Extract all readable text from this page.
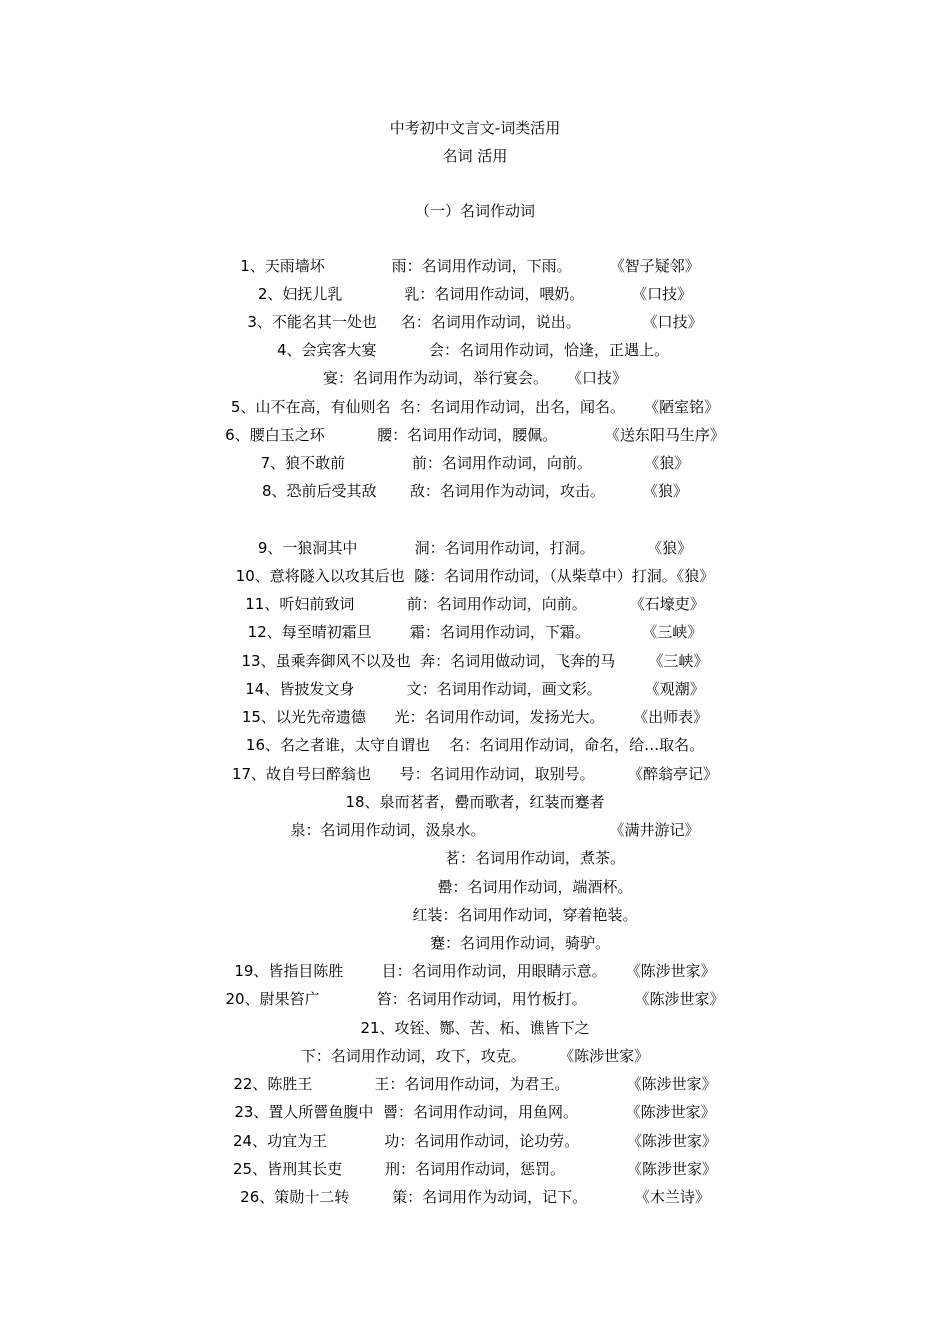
中考初中文言文-词类活用
名词 活用
（一）名词作动词
1、天雨墙坏              雨：名词用作动词，下雨。        《智子疑邻》
2、妇抚儿乳             乳：名词用作动词，喂奶。          《口技》
3、不能名其一处也     名：名词用作动词，说出。             《口技》
4、会宾客大宴           会：名词用作动词，恰逢，正遇上。
宴：名词用作为动词，举行宴会。    《口技》
5、山不在高，有仙则名  名：名词用作动词，出名，闻名。    《陋室铭》
6、腰白玉之环           腰：名词用作动词，腰佩。          《送东阳马生序》
7、狼不敢前              前：名词用作动词，向前。           《狼》
8、恐前后受其敌       敌：名词用作为动词，攻击。        《狼》
9、一狼洞其中            洞：名词用作动词，打洞。           《狼》
10、意将隧入以攻其后也  隧：名词用作动词，（从柴草中）打洞。《狼》
11、听妇前致词           前：名词用作动词，向前。         《石壕吏》
12、每至晴初霜旦        霜：名词用作动词，下霜。           《三峡》
13、虽乘奔御风不以及也  奔：名词用做动词，飞奔的马       《三峡》
14、皆披发文身           文：名词用作动词，画文彩。         《观潮》
15、以光先帝遗德      光：名词用作动词，发扬光大。      《出师表》
16、名之者谁，太守自谓也    名：名词用作动词，命名，给…取名。
17、故自号曰醉翁也      号：名词用作动词，取别号。       《醉翁亭记》
18、泉而茗者，罍而歌者，红装而蹇者
泉：名词用作动词，汲泉水。                          《满井游记》
茗：名词用作动词，煮茶。
罍：名词用作动词，端酒杯。
红装：名词用作动词，穿着艳装。
蹇：名词用作动词，骑驴。
19、皆指目陈胜        目：名词用作动词，用眼睛示意。    《陈涉世家》
20、尉果笞广            笞：名词用作动词，用竹板打。          《陈涉世家》
21、攻铚、酂、苦、柘、谯皆下之
下：名词用作动词，攻下，攻克。       《陈涉世家》
22、陈胜王             王：名词用作动词，为君王。            《陈涉世家》
23、置人所罾鱼腹中  罾：名词用作动词，用鱼网。          《陈涉世家》
24、功宜为王            功：名词用作动词，论功劳。          《陈涉世家》
25、皆刑其长吏         刑：名词用作动词，惩罚。             《陈涉世家》
26、策勋十二转         策：名词用作为动词，记下。          《木兰诗》
